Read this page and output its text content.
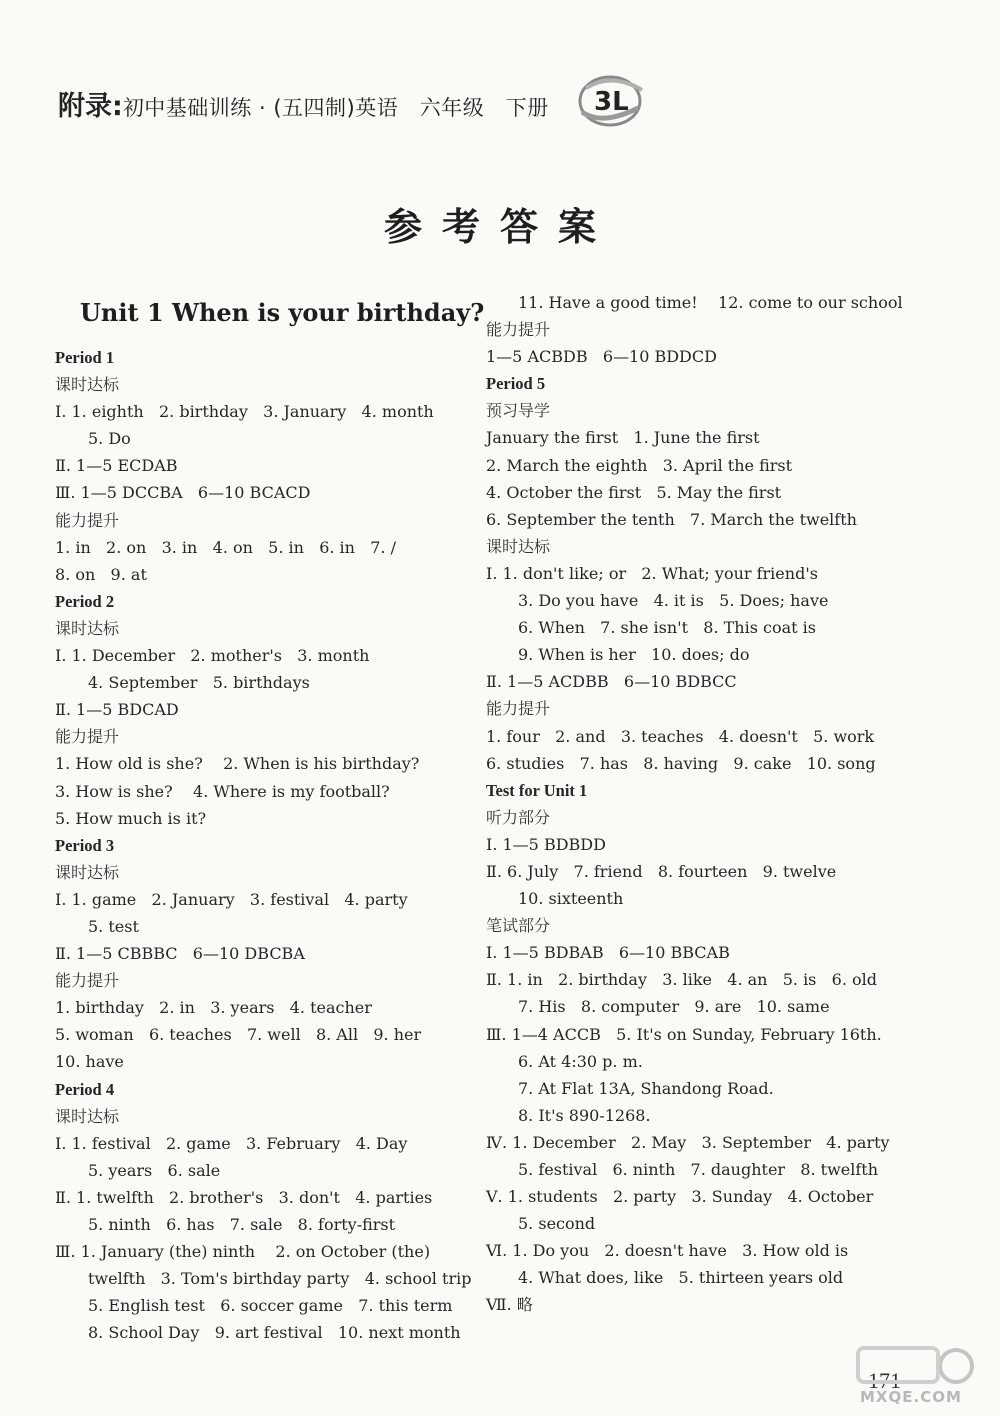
附录: 初中基础训练 · (五四制)英语   六年级   下册 3L
参考答案
Unit 1 When is your birthday?
Period 1
课时达标
Ⅰ. 1. eighth   2. birthday   3. January   4. month
5. Do
Ⅱ. 1—5 ECDAB
Ⅲ. 1—5 DCCBA   6—10 BCACD
能力提升
1. in   2. on   3. in   4. on   5. in   6. in   7. /
8. on   9. at
Period 2
课时达标
Ⅰ. 1. December   2. mother's   3. month
4. September   5. birthdays
Ⅱ. 1—5 BDCAD
能力提升
1. How old is she?    2. When is his birthday?
3. How is she?    4. Where is my football?
5. How much is it?
Period 3
课时达标
Ⅰ. 1. game   2. January   3. festival   4. party
5. test
Ⅱ. 1—5 CBBBC   6—10 DBCBA
能力提升
1. birthday   2. in   3. years   4. teacher
5. woman   6. teaches   7. well   8. All   9. her
10. have
Period 4
课时达标
Ⅰ. 1. festival   2. game   3. February   4. Day
5. years   6. sale
Ⅱ. 1. twelfth   2. brother's   3. don't   4. parties
5. ninth   6. has   7. sale   8. forty-first
Ⅲ. 1. January (the) ninth    2. on October (the)
twelfth   3. Tom's birthday party   4. school trip
5. English test   6. soccer game   7. this term
8. School Day   9. art festival   10. next month
11. Have a good time!    12. come to our school
能力提升
1—5 ACBDB   6—10 BDDCD
Period 5
预习导学
January the first   1. June the first
2. March the eighth   3. April the first
4. October the first   5. May the first
6. September the tenth   7. March the twelfth
课时达标
Ⅰ. 1. don't like; or   2. What; your friend's
3. Do you have   4. it is   5. Does; have
6. When   7. she isn't   8. This coat is
9. When is her   10. does; do
Ⅱ. 1—5 ACDBB   6—10 BDBCC
能力提升
1. four   2. and   3. teaches   4. doesn't   5. work
6. studies   7. has   8. having   9. cake   10. song
Test for Unit 1
听力部分
Ⅰ. 1—5 BDBDD
Ⅱ. 6. July   7. friend   8. fourteen   9. twelve
10. sixteenth
笔试部分
Ⅰ. 1—5 BDBAB   6—10 BBCAB
Ⅱ. 1. in   2. birthday   3. like   4. an   5. is   6. old
7. His   8. computer   9. are   10. same
Ⅲ. 1—4 ACCB   5. It's on Sunday, February 16th.
6. At 4:30 p. m.
7. At Flat 13A, Shandong Road.
8. It's 890-1268.
Ⅳ. 1. December   2. May   3. September   4. party
5. festival   6. ninth   7. daughter   8. twelfth
Ⅴ. 1. students   2. party   3. Sunday   4. October
5. second
Ⅵ. 1. Do you   2. doesn't have   3. How old is
4. What does, like   5. thirteen years old
Ⅶ. 略
171
MXQE.COM
